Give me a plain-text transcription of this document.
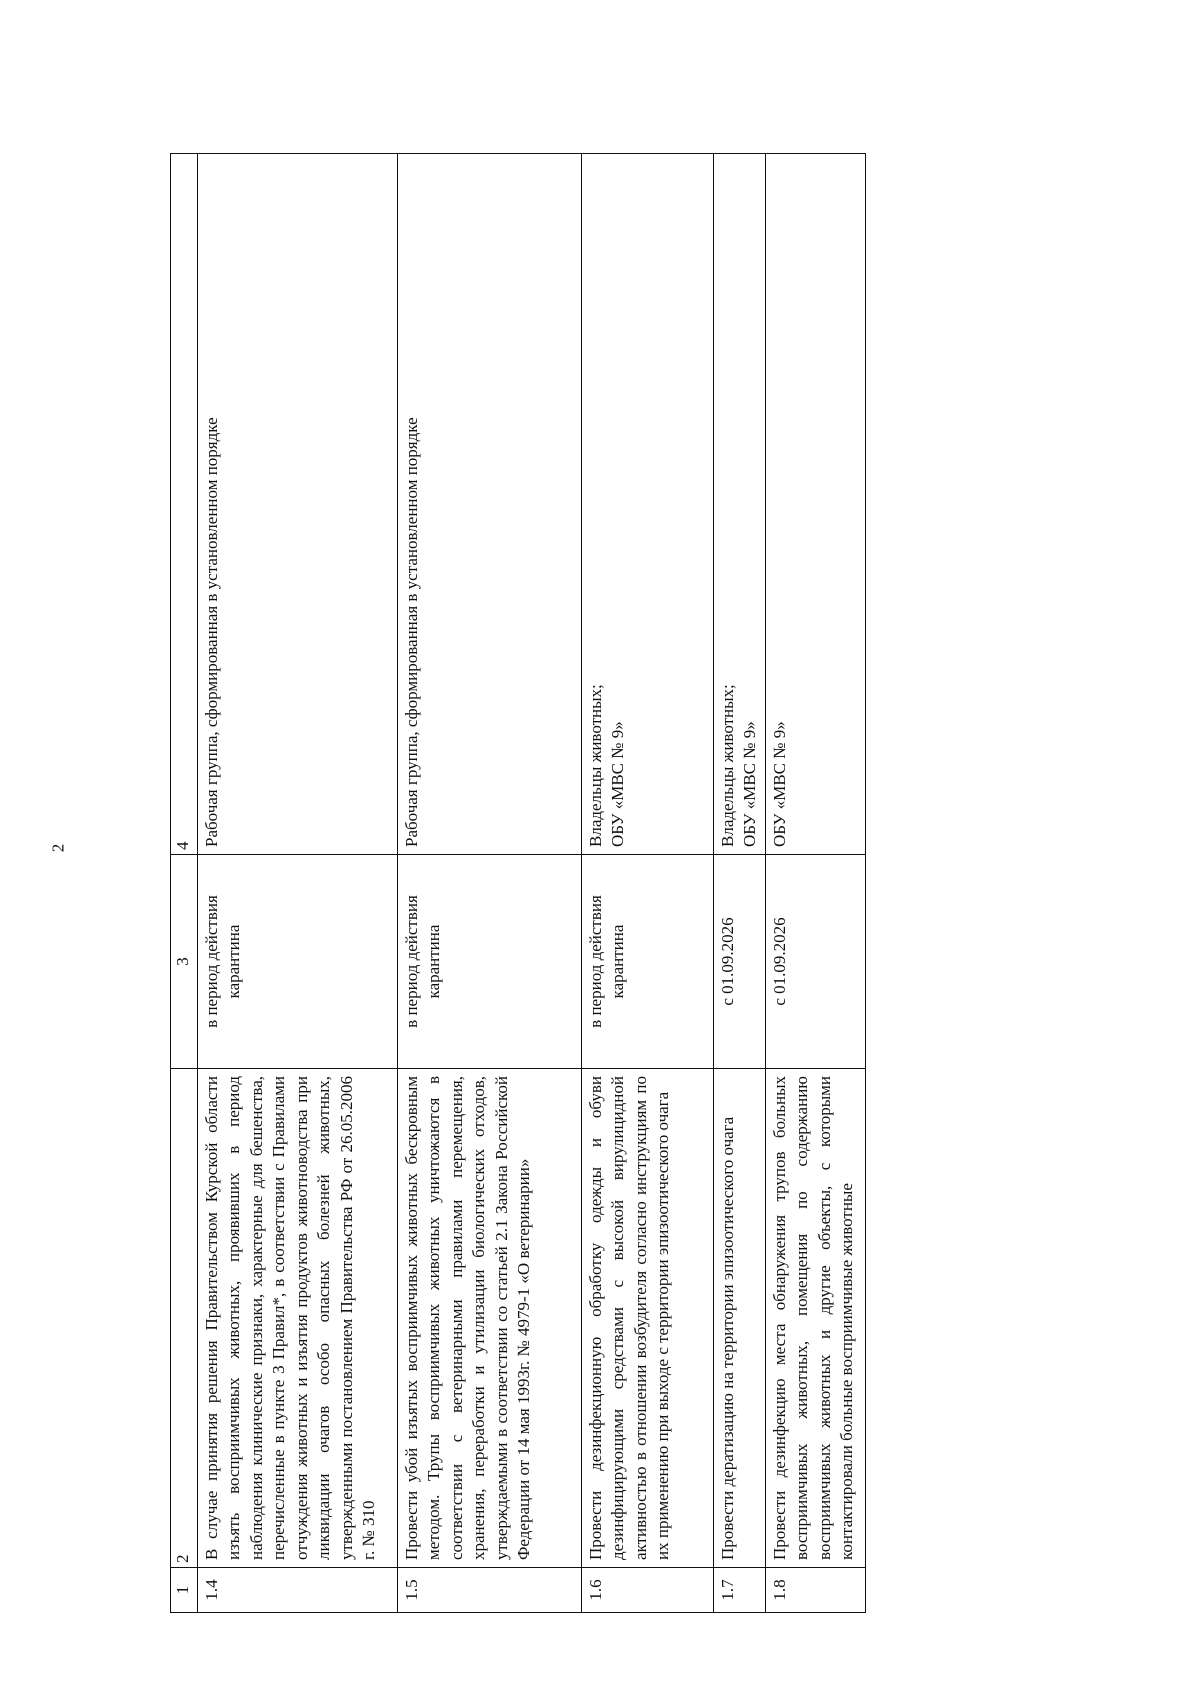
2
1	2	3	4
1.4	В случае принятия решения Правительством Курской области изъять восприимчивых животных, проявивших в период наблюдения клинические признаки, характерные для бешенства, перечисленные в пункте 3 Правил*, в соответствии с Правилами отчуждения животных и изъятия продуктов животноводства при ликвидации очагов особо опасных болезней животных, утвержденными постановлением Правительства РФ от 26.05.2006 г. № 310	в период действия карантина	Рабочая группа, сформированная в установленном порядке

1.5	Провести убой изъятых восприимчивых животных бескровным методом. Трупы восприимчивых животных уничтожаются в соответствии с ветеринарными правилами перемещения, хранения, переработки и утилизации биологических отходов, утверждаемыми в соответствии со статьей 2.1 Закона Российской Федерации от 14 мая 1993г. № 4979-1 «О ветеринарии»	в период действия карантина	Рабочая группа, сформированная в установленном порядке

1.6	Провести дезинфекционную обработку одежды и обуви дезинфицирующими средствами с высокой вирулицидной активностью в отношении возбудителя согласно инструкциям по их применению при выходе с территории эпизоотического очага	в период действия карантина	Владельцы животных; ОБУ «МВС № 9»

1.7	Провести дератизацию на территории эпизоотического очага	с 01.09.2026	Владельцы животных; ОБУ «МВС № 9»

1.8	Провести дезинфекцию места обнаружения трупов больных восприимчивых животных, помещения по содержанию восприимчивых животных и другие объекты, с которыми контактировали больные восприимчивые животные	с 01.09.2026	ОБУ «МВС № 9»
